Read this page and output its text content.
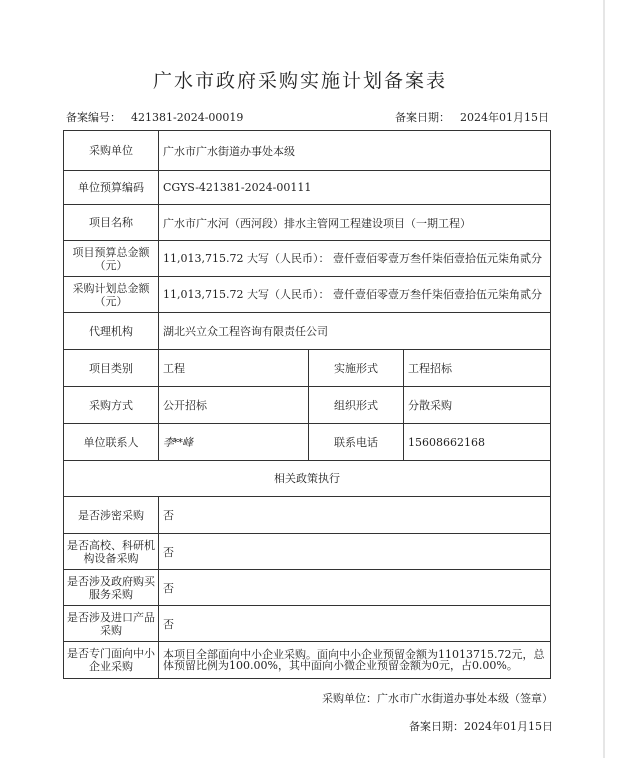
广水市政府采购实施计划备案表
备案编号： 421381-2024-00019	备案日期： 2024年01月15日
采购单位	广水市广水街道办事处本级		
单位预算编码	CGYS-421381-2024-00111		
项目名称	广水市广水河（西河段）排水主管网工程建设项目（一期工程）		
项目预算总金额（元）	11,013,715.72 大写（人民币）： 壹仟壹佰零壹万叁仟柒佰壹拾伍元柒角贰分		
采购计划总金额（元）	11,013,715.72 大写（人民币）： 壹仟壹佰零壹万叁仟柒佰壹拾伍元柒角贰分		
代理机构	湖北兴立众工程咨询有限责任公司		
项目类别	工程	实施形式	工程招标
采购方式	公开招标	组织形式	分散采购
单位联系人	李**峰	联系电话	15608662168
相关政策执行			
是否涉密采购	否		
是否高校、科研机构设备采购	否		
是否涉及政府购买服务采购	否		
是否涉及进口产品采购	否		
是否专门面向中小企业采购	本项目全部面向中小企业采购。面向中小企业预留金额为11013715.72元，总体预留比例为100.00%，其中面向小微企业预留金额为0元，占0.00%。		
采购单位：广水市广水街道办事处本级（签章）
备案日期：2024年01月15日
